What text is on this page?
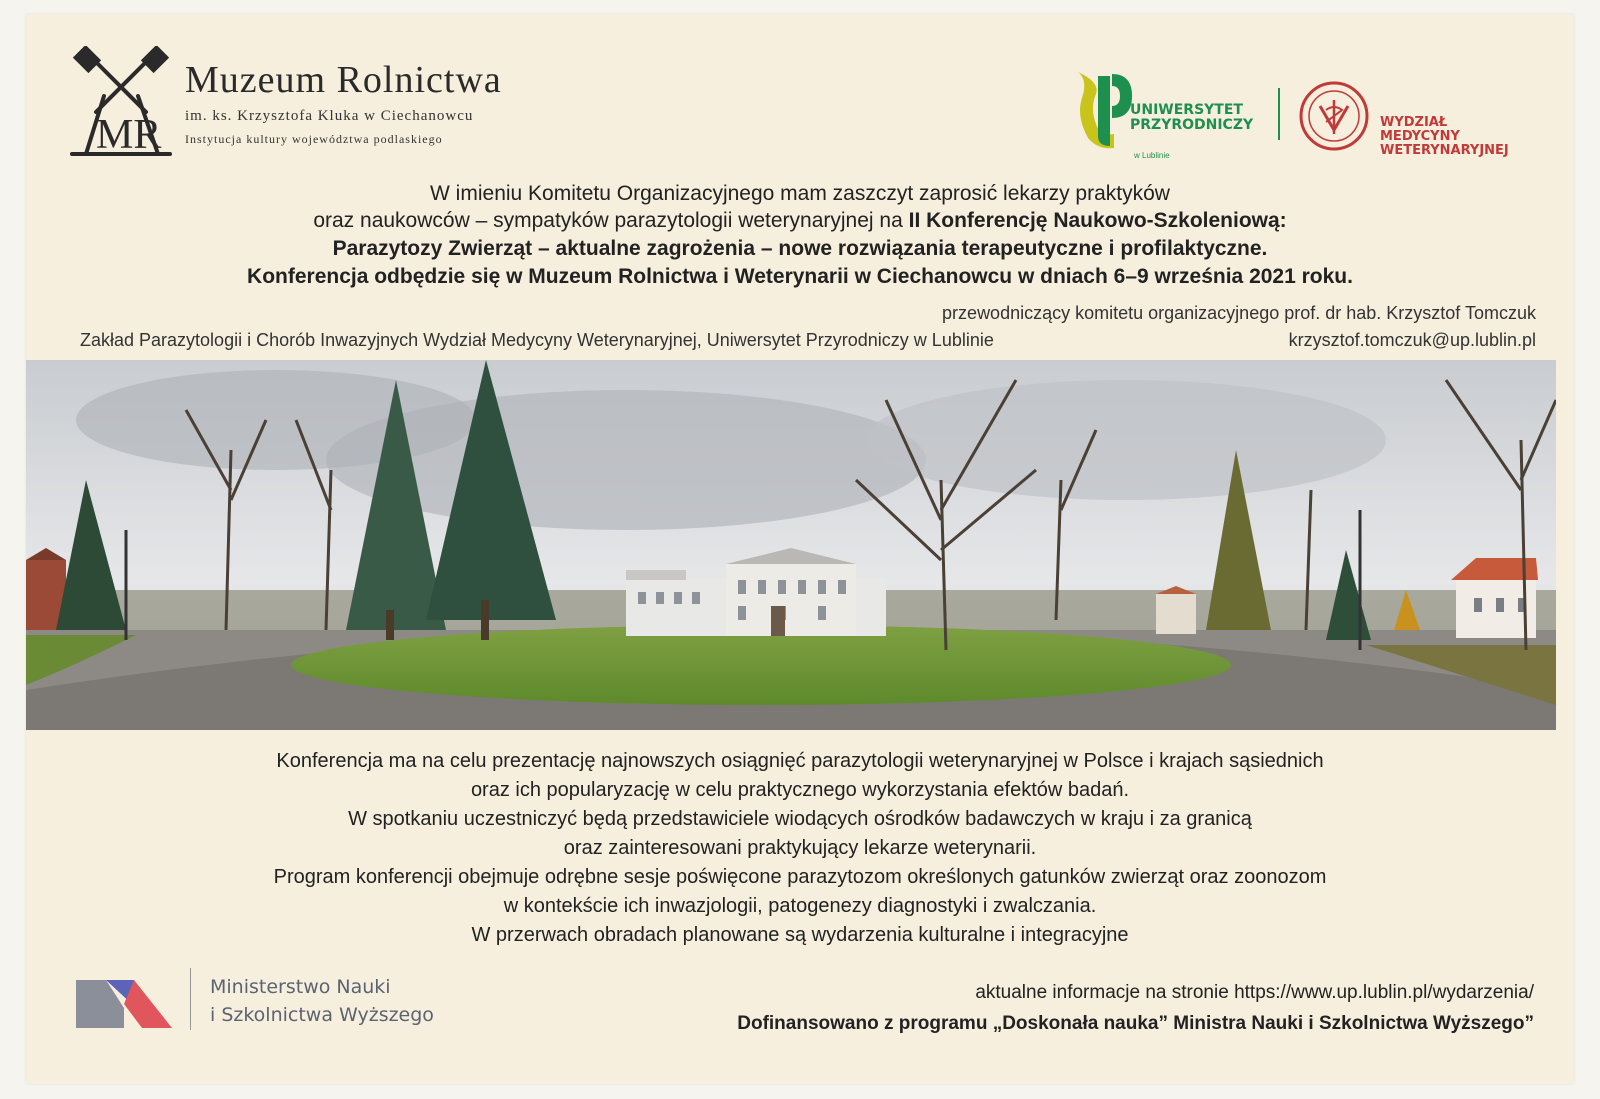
MR
Muzeum Rolnictwa
im. ks. Krzysztofa Kluka w Ciechanowcu
Instytucja kultury województwa podlaskiego
UNIWERSYTET
PRZYRODNICZY
w Lublinie
WYDZIAŁ
MEDYCYNY
WETERYNARYJNEJ
W imieniu Komitetu Organizacyjnego mam zaszczyt zaprosić lekarzy praktyków
oraz naukowców – sympatyków parazytologii weterynaryjnej na II Konferencję Naukowo-Szkoleniową:
Parazytozy Zwierząt – aktualne zagrożenia – nowe rozwiązania terapeutyczne i profilaktyczne.
Konferencja odbędzie się w Muzeum Rolnictwa i Weterynarii w Ciechanowcu w dniach 6–9 września 2021 roku.
przewodniczący komitetu organizacyjnego prof. dr hab. Krzysztof Tomczuk
Zakład Parazytologii i Chorób Inwazyjnych Wydział Medycyny Weterynaryjnej, Uniwersytet Przyrodniczy w Lublinie	krzysztof.tomczuk@up.lublin.pl

Konferencja ma na celu prezentację najnowszych osiągnięć parazytologii weterynaryjnej w Polsce i krajach sąsiednich

oraz ich popularyzację w celu praktycznego wykorzystania efektów badań.

W spotkaniu uczestniczyć będą przedstawiciele wiodących ośrodków badawczych w kraju i za granicą

oraz zainteresowani praktykujący lekarze weterynarii.

Program konferencji obejmuje odrębne sesje poświęcone parazytozom określonych gatunków zwierząt oraz zoonozom

w kontekście ich inwazjologii, patogenezy diagnostyki i zwalczania.

W przerwach obradach planowane są wydarzenia kulturalne i integracyjne

Ministerstwo Nauki
i Szkolnictwa Wyższego
aktualne informacje na stronie https://www.up.lublin.pl/wydarzenia/
Dofinansowano z programu „Doskonała nauka” Ministra Nauki i Szkolnictwa Wyższego”
